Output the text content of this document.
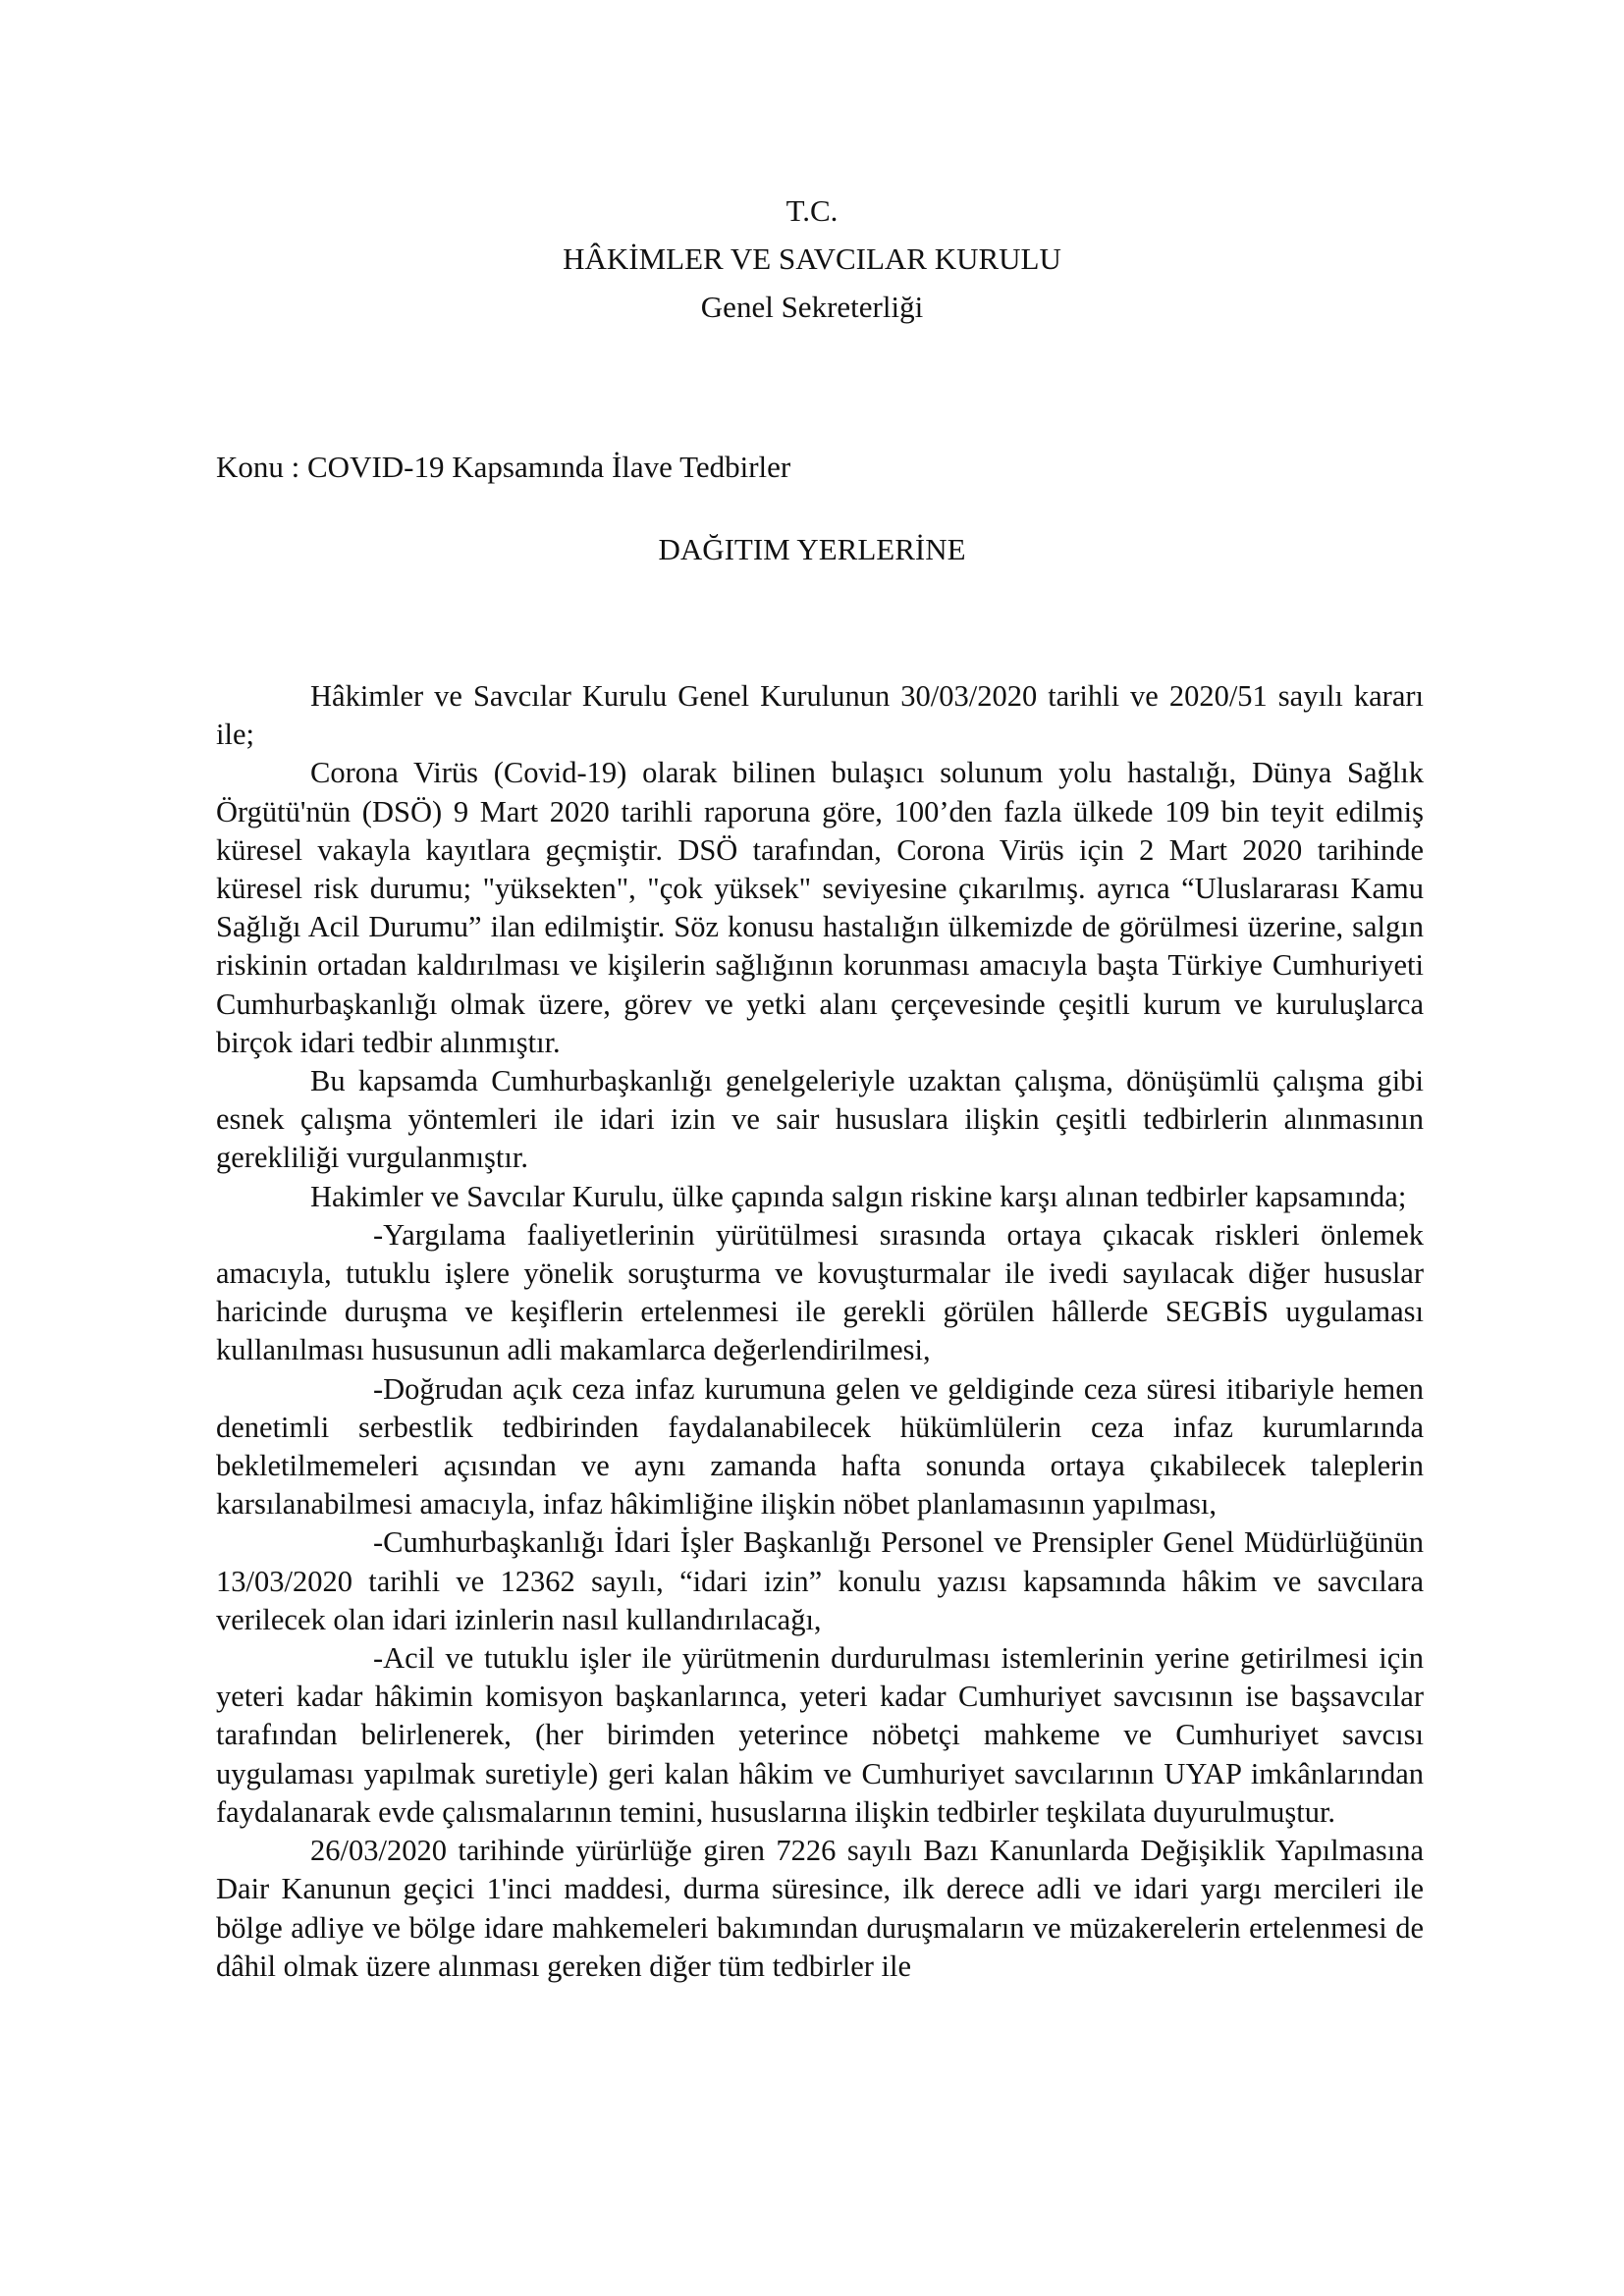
T.C.
HÂKİMLER VE SAVCILAR KURULU
Genel Sekreterliği
Konu : COVID-19 Kapsamında İlave Tedbirler
DAĞITIM YERLERİNE

Hâkimler ve Savcılar Kurulu Genel Kurulunun 30/03/2020 tarihli ve 2020/51 sayılı kararı ile;

Corona Virüs (Covid-19) olarak bilinen bulaşıcı solunum yolu hastalığı, Dünya Sağlık Örgütü'nün (DSÖ) 9 Mart 2020 tarihli raporuna göre, 100’den fazla ülkede 109 bin teyit edilmiş küresel vakayla kayıtlara geçmiştir. DSÖ tarafından, Corona Virüs için 2 Mart 2020 tarihinde küresel risk durumu; "yüksekten", "çok yüksek" seviyesine çıkarılmış. ayrıca “Uluslararası Kamu Sağlığı Acil Durumu” ilan edilmiştir. Söz konusu hastalığın ülkemizde de görülmesi üzerine, salgın riskinin ortadan kaldırılması ve kişilerin sağlığının korunması amacıyla başta Türkiye Cumhuriyeti Cumhurbaşkanlığı olmak üzere, görev ve yetki alanı çerçevesinde çeşitli kurum ve kuruluşlarca birçok idari tedbir alınmıştır.

Bu kapsamda Cumhurbaşkanlığı genelgeleriyle uzaktan çalışma, dönüşümlü çalışma gibi esnek çalışma yöntemleri ile idari izin ve sair hususlara ilişkin çeşitli tedbirlerin alınmasının gerekliliği vurgulanmıştır.

Hakimler ve Savcılar Kurulu, ülke çapında salgın riskine karşı alınan tedbirler kapsamında;

-Yargılama faaliyetlerinin yürütülmesi sırasında ortaya çıkacak riskleri önlemek amacıyla, tutuklu işlere yönelik soruşturma ve kovuşturmalar ile ivedi sayılacak diğer hususlar haricinde duruşma ve keşiflerin ertelenmesi ile gerekli görülen hâllerde SEGBİS uygulaması kullanılması hususunun adli makamlarca değerlendirilmesi,

-Doğrudan açık ceza infaz kurumuna gelen ve geldiginde ceza süresi itibariyle hemen denetimli serbestlik tedbirinden faydalanabilecek hükümlülerin ceza infaz kurumlarında bekletilmemeleri açısından ve aynı zamanda hafta sonunda ortaya çıkabilecek taleplerin karsılanabilmesi amacıyla, infaz hâkimliğine ilişkin nöbet planlamasının yapılması,

-Cumhurbaşkanlığı İdari İşler Başkanlığı Personel ve Prensipler Genel Müdürlüğünün 13/03/2020 tarihli ve 12362 sayılı, “idari izin” konulu yazısı kapsamında hâkim ve savcılara verilecek olan idari izinlerin nasıl kullandırılacağı,

-Acil ve tutuklu işler ile yürütmenin durdurulması istemlerinin yerine getirilmesi için yeteri kadar hâkimin komisyon başkanlarınca, yeteri kadar Cumhuriyet savcısının ise başsavcılar tarafından belirlenerek, (her birimden yeterince nöbetçi mahkeme ve Cumhuriyet savcısı uygulaması yapılmak suretiyle) geri kalan hâkim ve Cumhuriyet savcılarının UYAP imkânlarından faydalanarak evde çalısmalarının temini, hususlarına ilişkin tedbirler teşkilata duyurulmuştur.

26/03/2020 tarihinde yürürlüğe giren 7226 sayılı Bazı Kanunlarda Değişiklik Yapılmasına Dair Kanunun geçici 1'inci maddesi, durma süresince, ilk derece adli ve idari yargı mercileri ile bölge adliye ve bölge idare mahkemeleri bakımından duruşmaların ve müzakerelerin ertelenmesi de dâhil olmak üzere alınması gereken diğer tüm tedbirler ile
